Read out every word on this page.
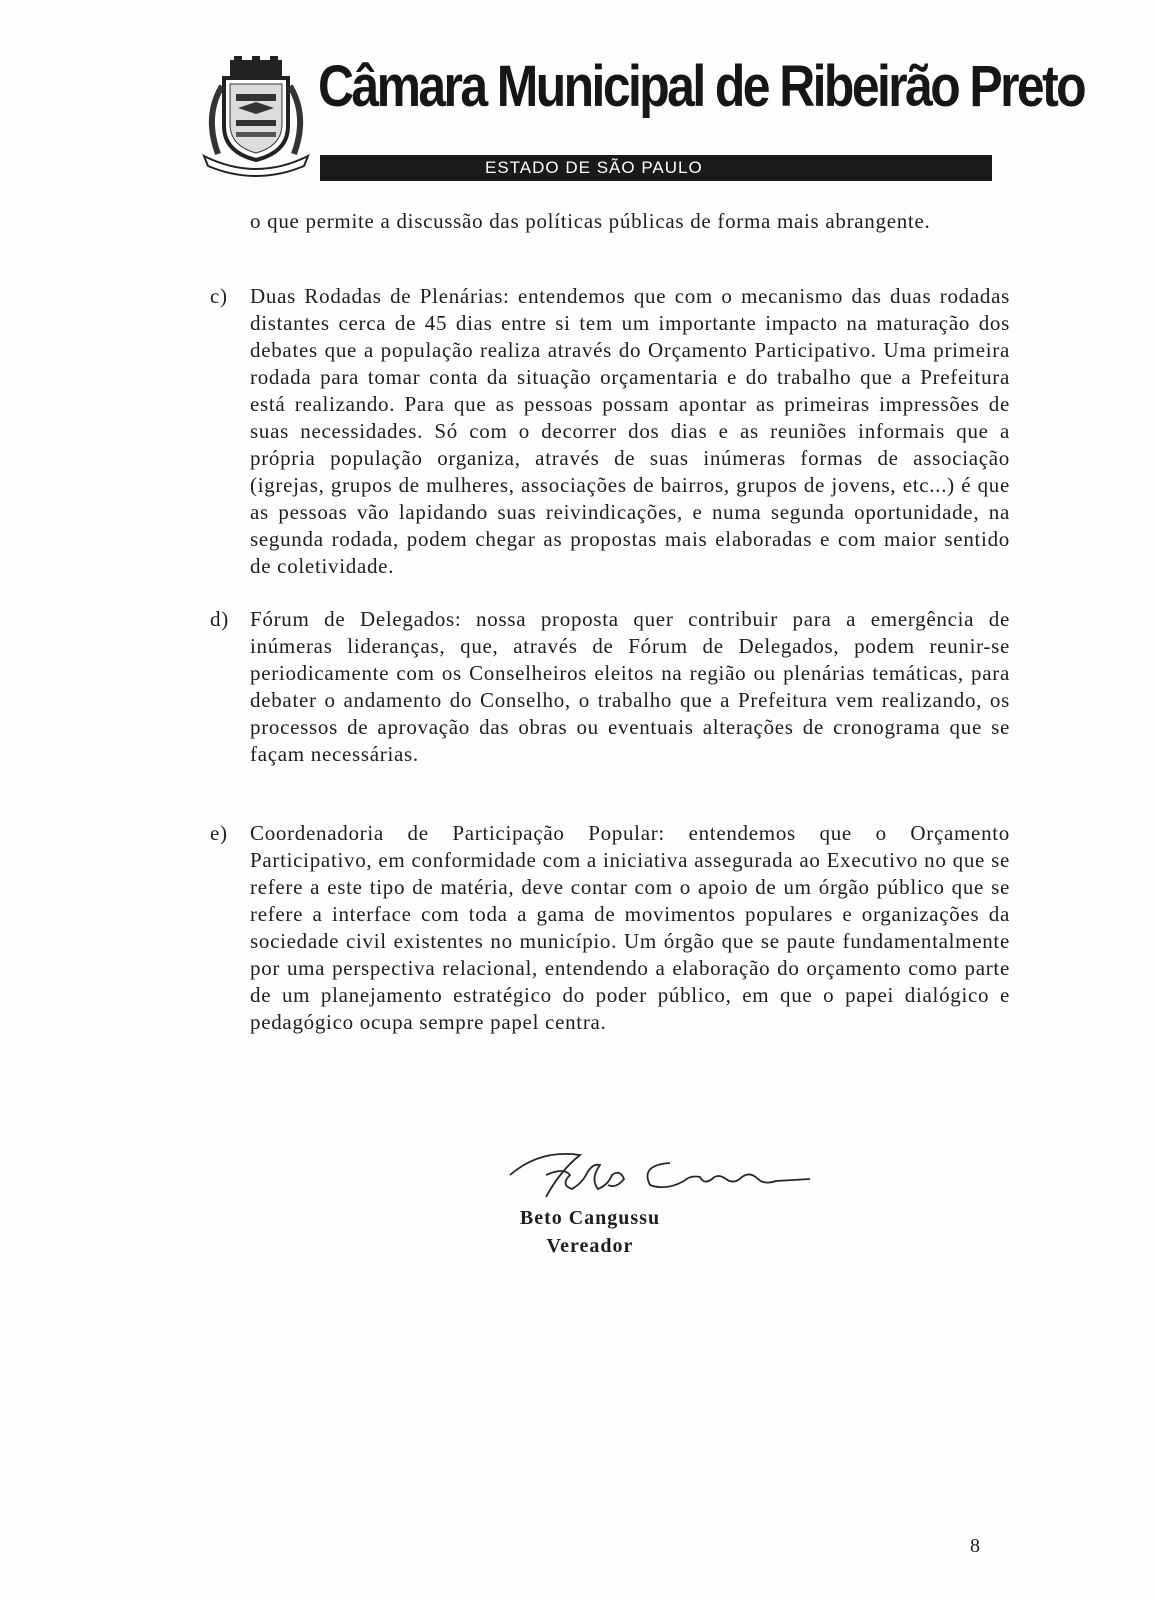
Câmara Municipal de Ribeirão Preto
ESTADO DE SÃO PAULO

o que permite a discussão das políticas públicas de forma mais abrangente.

c)	Duas Rodadas de Plenárias: entendemos que com o mecanismo das duas rodadas distantes cerca de 45 dias entre si tem um importante impacto na maturação dos debates que a população realiza através do Orçamento Participativo. Uma primeira rodada para tomar conta da situação orçamentaria e do trabalho que a Prefeitura está realizando. Para que as pessoas possam apontar as primeiras impressões de suas necessidades. Só com o decorrer dos dias e as reuniões informais que a própria população organiza, através de suas inúmeras formas de associação (igrejas, grupos de mulheres, associações de bairros, grupos de jovens, etc...) é que as pessoas vão lapidando suas reivindicações, e numa segunda oportunidade, na segunda rodada, podem chegar as propostas mais elaboradas e com maior sentido de coletividade.

d)	Fórum de Delegados: nossa proposta quer contribuir para a emergência de inúmeras lideranças, que, através de Fórum de Delegados, podem reunir-se periodicamente com os Conselheiros eleitos na região ou plenárias temáticas, para debater o andamento do Conselho, o trabalho que a Prefeitura vem realizando, os processos de aprovação das obras ou eventuais alterações de cronograma que se façam necessárias.

e)	Coordenadoria de Participação Popular: entendemos que o Orçamento Participativo, em conformidade com a iniciativa assegurada ao Executivo no que se refere a este tipo de matéria, deve contar com o apoio de um órgão público que se refere a interface com toda a gama de movimentos populares e organizações da sociedade civil existentes no município. Um órgão que se paute fundamentalmente por uma perspectiva relacional, entendendo a elaboração do orçamento como parte de um planejamento estratégico do poder público, em que o papei dialógico e pedagógico ocupa sempre papel centra.

Beto Cangussu
Vereador
8
